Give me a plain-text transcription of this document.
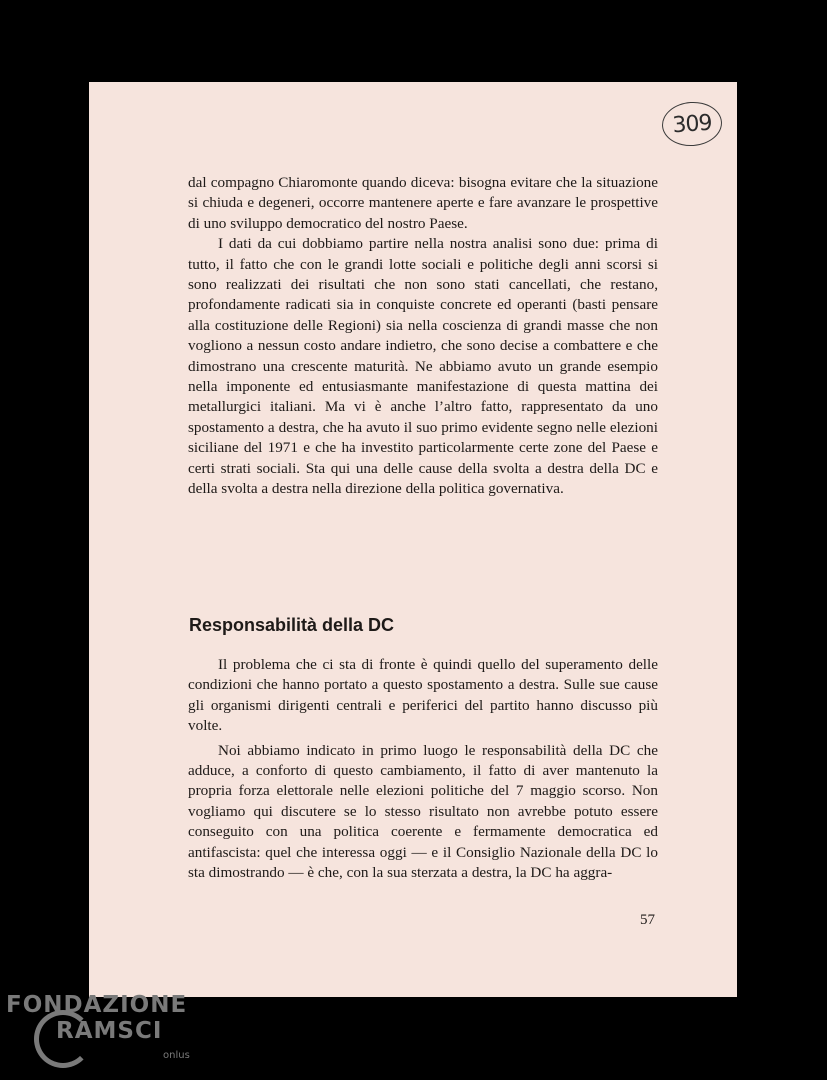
309

dal compagno Chiaromonte quando diceva: bisogna evitare che la situazione si chiuda e degeneri, occorre mantenere aperte e fare avanzare le prospettive di uno sviluppo democratico del nostro Paese.

I dati da cui dobbiamo partire nella nostra analisi sono due: prima di tutto, il fatto che con le grandi lotte sociali e politiche degli anni scorsi si sono realizzati dei risultati che non sono stati cancellati, che restano, profondamente radicati sia in conquiste concrete ed operanti (basti pensare alla costituzione delle Regioni) sia nella coscienza di grandi masse che non vogliono a nessun costo andare indietro, che sono decise a combattere e che dimostrano una crescente maturità. Ne abbiamo avuto un grande esempio nella imponente ed entusiasmante manifestazione di questa mattina dei metallurgici italiani. Ma vi è anche l’altro fatto, rappresentato da uno spostamento a destra, che ha avuto il suo primo evidente segno nelle elezioni siciliane del 1971 e che ha investito particolarmente certe zone del Paese e certi strati sociali. Sta qui una delle cause della svolta a destra della DC e della svolta a destra nella direzione della politica governativa.

Responsabilità della DC

Il problema che ci sta di fronte è quindi quello del superamento delle condizioni che hanno portato a questo spostamento a destra. Sulle sue cause gli organismi dirigenti centrali e periferici del partito hanno discusso più volte.

Noi abbiamo indicato in primo luogo le responsabilità della DC che adduce, a conforto di questo cambiamento, il fatto di aver mantenuto la propria forza elettorale nelle elezioni politiche del 7 maggio scorso. Non vogliamo qui discutere se lo stesso risultato non avrebbe potuto essere conseguito con una politica coerente e fermamente democratica ed antifascista: quel che interessa oggi — e il Consiglio Nazionale della DC lo sta dimostrando — è che, con la sua sterzata a destra, la DC ha aggra-

57
FONDAZIONE
RAMSCI
onlus
